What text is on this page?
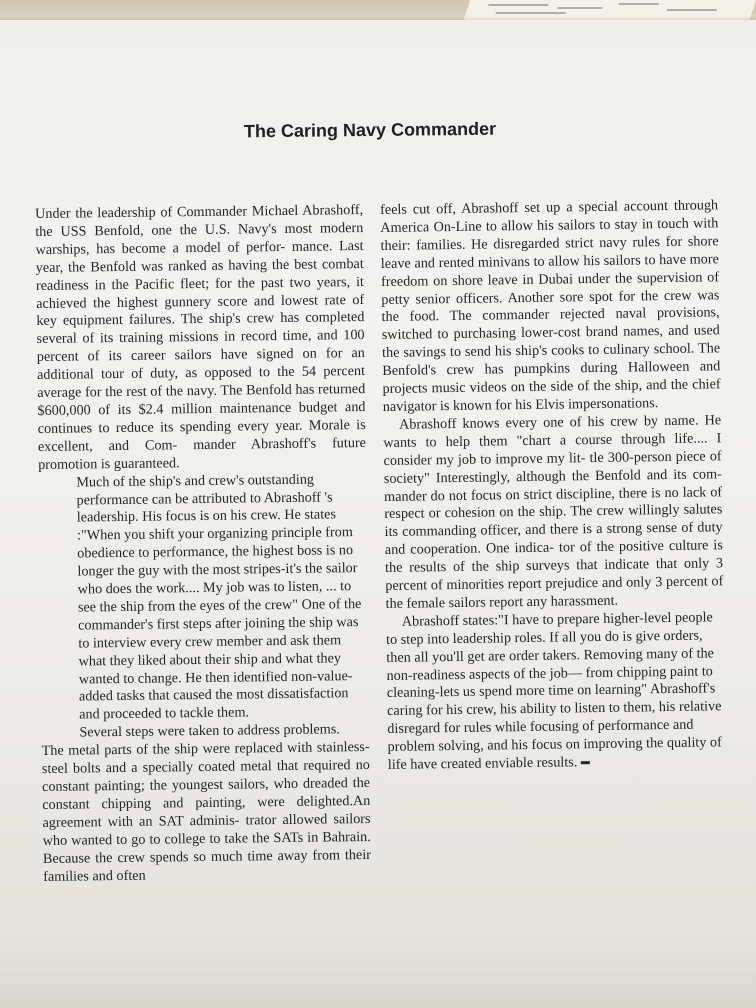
The Caring Navy Commander

Under the leadership of Commander Michael Abrashoff, the USS Benfold, one the U.S. Navy's most modern warships, has become a model of perfor- mance. Last year, the Benfold was ranked as having the best combat readiness in the Pacific fleet; for the past two years, it achieved the highest gunnery score and lowest rate of key equipment failures. The ship's crew has completed several of its training missions in record time, and 100 percent of its career sailors have signed on for an additional tour of duty, as opposed to the 54 percent average for the rest of the navy. The Benfold has returned $600,000 of its $2.4 million maintenance budget and continues to reduce its spending every year. Morale is excellent, and Com- mander Abrashoff's future promotion is guaranteed.

Much of the ship's and crew's outstanding performance can be attributed to Abrashoff 's leadership. His focus is on his crew. He states :"When you shift your organizing principle from obedience to performance, the highest boss is no longer the guy with the most stripes-it's the sailor who does the work.... My job was to listen, ... to see the ship from the eyes of the crew" One of the commander's first steps after joining the ship was to interview every crew member and ask them what they liked about their ship and what they wanted to change. He then identified non-value- added tasks that caused the most dissatisfaction and proceeded to tackle them.

Several steps were taken to address problems.

The metal parts of the ship were replaced with stainless-steel bolts and a specially coated metal that required no constant painting; the youngest sailors, who dreaded the constant chipping and painting, were delighted.An agreement with an SAT adminis- trator allowed sailors who wanted to go to college to take the SATs in Bahrain. Because the crew spends so much time away from their families and often

feels cut off, Abrashoff set up a special account through America On-Line to allow his sailors to stay in touch with their: families. He disregarded strict navy rules for shore leave and rented minivans to allow his sailors to have more freedom on shore leave in Dubai under the supervision of petty senior officers. Another sore spot for the crew was the food. The commander rejected naval provisions, switched to purchasing lower-cost brand names, and used the savings to send his ship's cooks to culinary school. The Benfold's crew has pumpkins during Halloween and projects music videos on the side of the ship, and the chief navigator is known for his Elvis impersonations.

Abrashoff knows every one of his crew by name. He wants to help them "chart a course through life.... I consider my job to improve my lit- tle 300-person piece of society" Interestingly, although the Benfold and its com- mander do not focus on strict discipline, there is no lack of respect or cohesion on the ship. The crew willingly salutes its commanding officer, and there is a strong sense of duty and cooperation. One indica- tor of the positive culture is the results of the ship surveys that indicate that only 3 percent of minorities report prejudice and only 3 percent of the female sailors report any harassment.

Abrashoff states:"I have to prepare higher-level people to step into leadership roles. If all you do is give orders, then all you'll get are order takers. Removing many of the non-readiness aspects of the job— from chipping paint to cleaning-lets us spend more time on learning" Abrashoff's caring for his crew, his ability to listen to them, his relative disregard for rules while focusing of performance and problem solving, and his focus on improving the quality of life have created enviable results.
